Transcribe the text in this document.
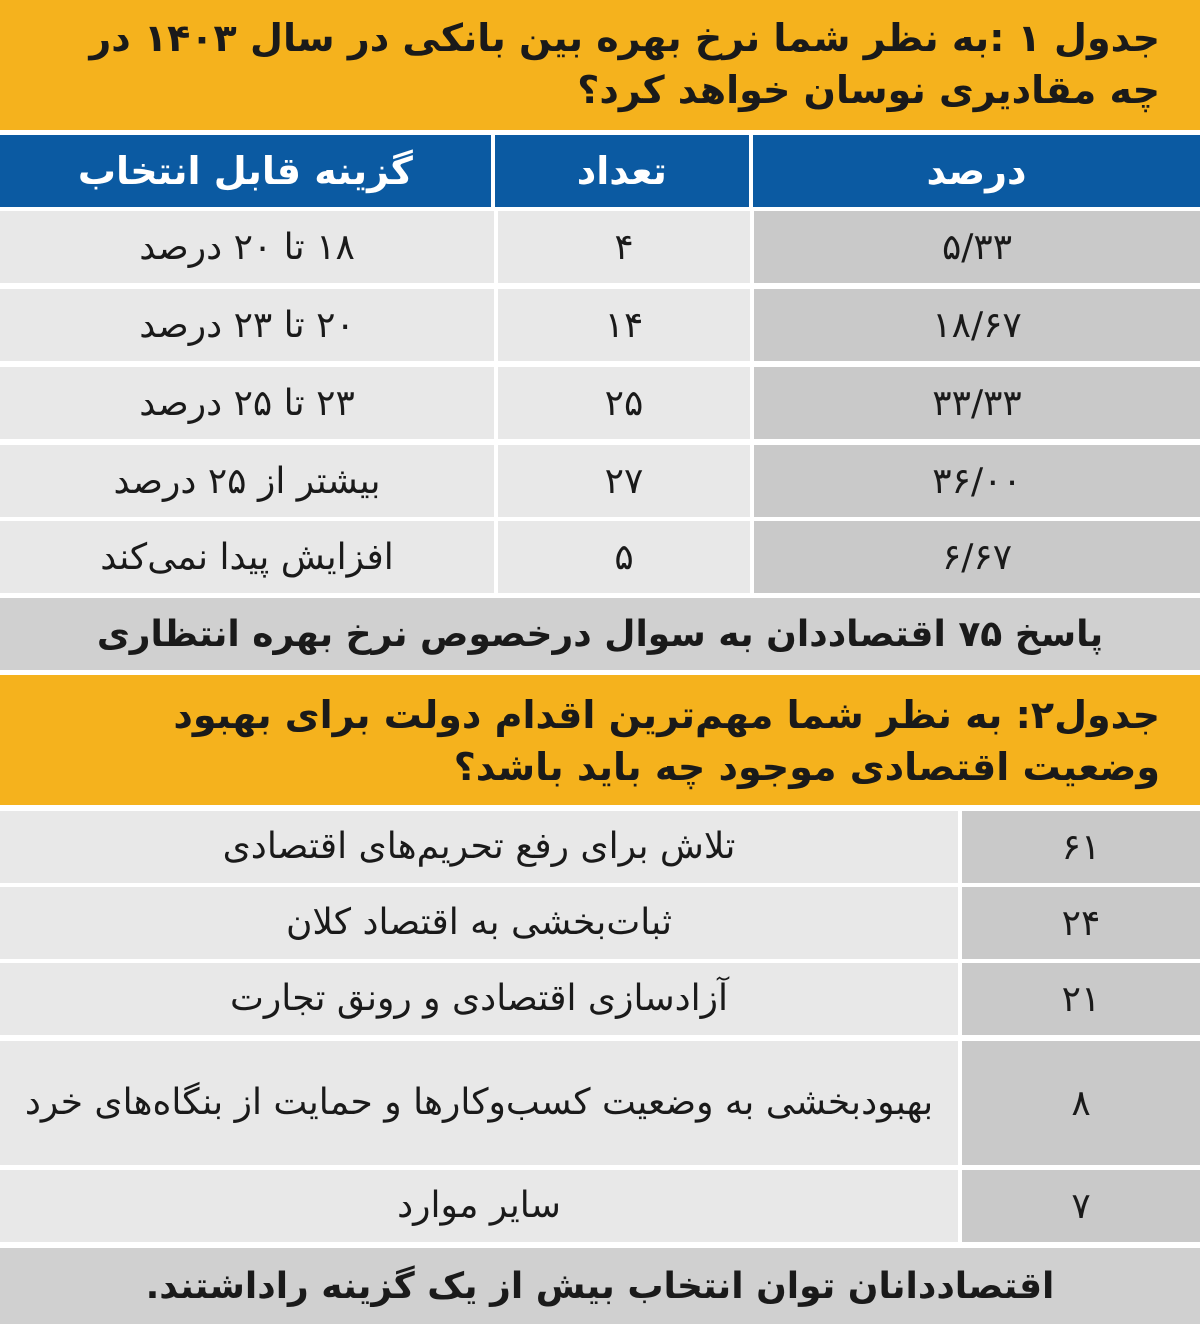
جدول ۱ :به نظر شما نرخ بهره بین بانکی در سال ۱۴۰۳ در چه مقادیری نوسان خواهد کرد؟
درصد
تعداد
گزینه قابل انتخاب
۵/۳۳
۴
۱۸ تا ۲۰ درصد
۱۸/۶۷
۱۴
۲۰ تا ۲۳ درصد
۳۳/۳۳
۲۵
۲۳ تا ۲۵ درصد
۳۶/۰۰
۲۷
بیشتر از ۲۵ درصد
۶/۶۷
۵
افزایش پیدا نمی‌کند
پاسخ ۷۵ اقتصاددان به سوال درخصوص نرخ بهره انتظاری
جدول۲: به نظر شما مهم‌ترین اقدام دولت برای بهبود وضعیت اقتصادی موجود چه باید باشد؟
۶۱
تلاش برای رفع تحریم‌های اقتصادی
۲۴
ثبات‌بخشی به اقتصاد کلان
۲۱
آزادسازی اقتصادی و رونق تجارت
۸
بهبودبخشی به وضعیت کسب‌وکارها و حمایت از بنگاه‌های خرد
۷
سایر موارد
اقتصاددانان توان انتخاب بیش از یک گزینه راداشتند.
